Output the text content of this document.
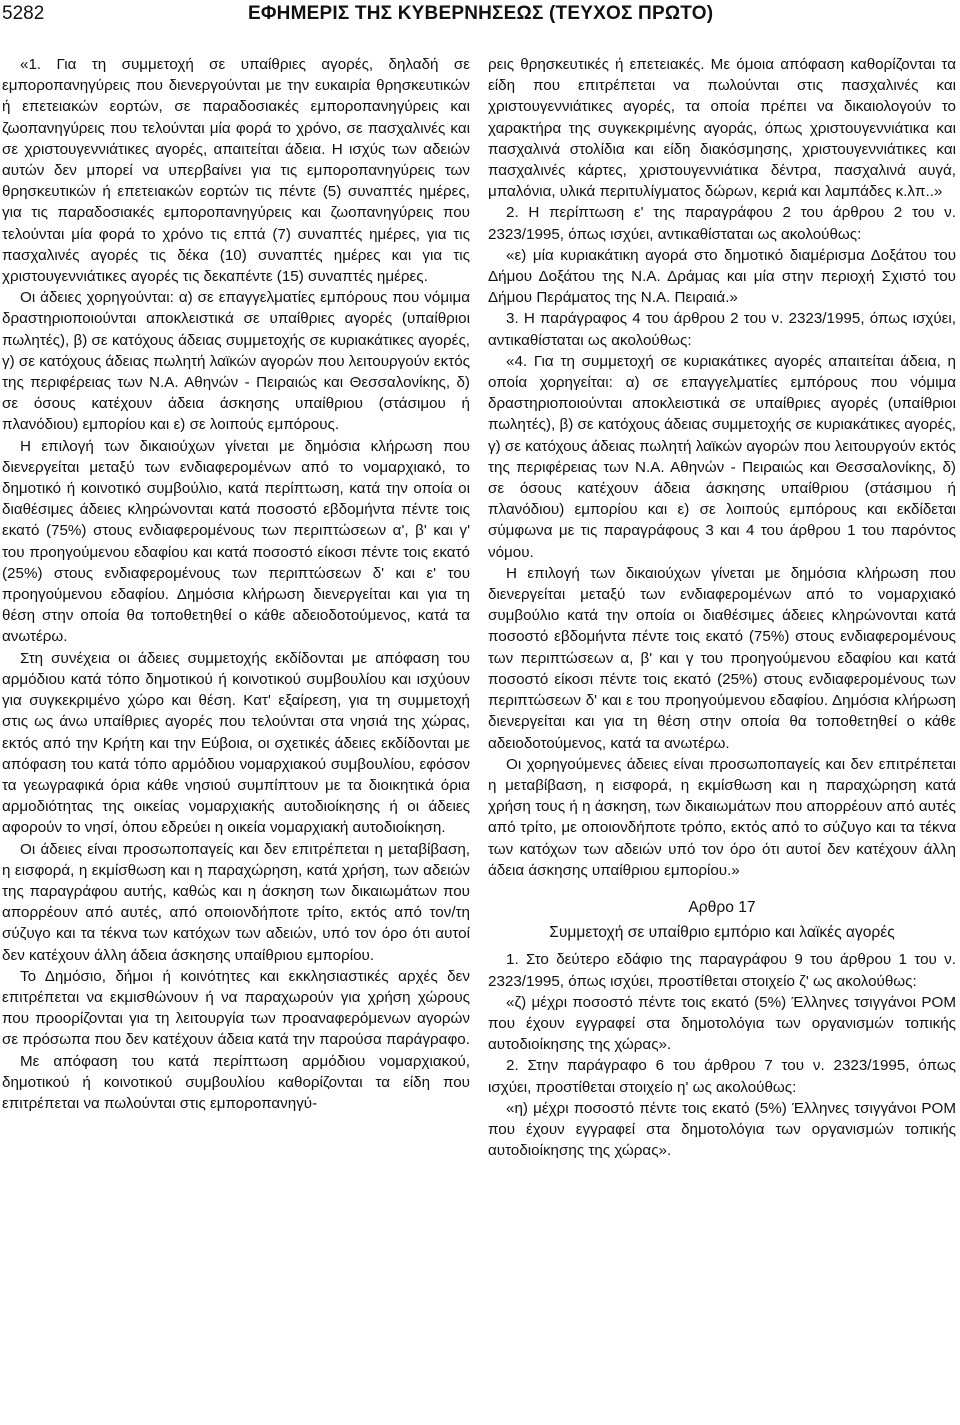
5282	ΕΦΗΜΕΡΙΣ ΤΗΣ ΚΥΒΕΡΝΗΣΕΩΣ (ΤΕΥΧΟΣ ΠΡΩΤΟ)

«1. Για τη συμμετοχή σε υπαίθριες αγορές, δηλαδή σε εμποροπανηγύρεις που διενεργούνται με την ευκαιρία θρησκευτικών ή επετειακών εορτών, σε παραδοσιακές εμποροπανηγύρεις και ζωοπανηγύρεις που τελούνται μία φορά το χρόνο, σε πασχαλινές και σε χριστουγεννιάτικες αγορές, απαιτείται άδεια. Η ισχύς των αδειών αυτών δεν μπορεί να υπερβαίνει για τις εμποροπανηγύρεις των θρησκευτικών ή επετειακών εορτών τις πέντε (5) συναπτές ημέρες, για τις παραδοσιακές εμποροπανηγύρεις και ζωοπανηγύρεις που τελούνται μία φορά το χρόνο τις επτά (7) συναπτές ημέρες, για τις πασχαλινές αγορές τις δέκα (10) συναπτές ημέρες και για τις χριστουγεννιάτικες αγορές τις δεκαπέντε (15) συναπτές ημέρες.

Οι άδειες χορηγούνται: α) σε επαγγελματίες εμπόρους που νόμιμα δραστηριοποιούνται αποκλειστικά σε υπαίθριες αγορές (υπαίθριοι πωλητές), β) σε κατόχους άδειας συμμετοχής σε κυριακάτικες αγορές, γ) σε κατόχους άδειας πωλητή λαϊκών αγορών που λειτουργούν εκτός της περιφέρειας των Ν.Α. Αθηνών - Πειραιώς και Θεσσαλονίκης, δ) σε όσους κατέχουν άδεια άσκησης υπαίθριου (στάσιμου ή πλανόδιου) εμπορίου και ε) σε λοιπούς εμπόρους.

Η επιλογή των δικαιούχων γίνεται με δημόσια κλήρωση που διενεργείται μεταξύ των ενδιαφερομένων από το νομαρχιακό, το δημοτικό ή κοινοτικό συμβούλιο, κατά περίπτωση, κατά την οποία οι διαθέσιμες άδειες κληρώνονται κατά ποσοστό εβδομήντα πέντε τοις εκατό (75%) στους ενδιαφερομένους των περιπτώσεων α', β' και γ' του προηγούμενου εδαφίου και κατά ποσοστό είκοσι πέντε τοις εκατό (25%) στους ενδιαφερομένους των περιπτώσεων δ' και ε' του προηγούμενου εδαφίου. Δημόσια κλήρωση διενεργείται και για τη θέση στην οποία θα τοποθετηθεί ο κάθε αδειοδοτούμενος, κατά τα ανωτέρω.

Στη συνέχεια οι άδειες συμμετοχής εκδίδονται με απόφαση του αρμόδιου κατά τόπο δημοτικού ή κοινοτικού συμβουλίου και ισχύουν για συγκεκριμένο χώρο και θέση. Κατ' εξαίρεση, για τη συμμετοχή στις ως άνω υπαίθριες αγορές που τελούνται στα νησιά της χώρας, εκτός από την Κρήτη και την Εύβοια, οι σχετικές άδειες εκδίδονται με απόφαση του κατά τόπο αρμόδιου νομαρχιακού συμβουλίου, εφόσον τα γεωγραφικά όρια κάθε νησιού συμπίπτουν με τα διοικητικά όρια αρμοδιότητας της οικείας νομαρχιακής αυτοδιοίκησης ή οι άδειες αφορούν το νησί, όπου εδρεύει η οικεία νομαρχιακή αυτοδιοίκηση.

Οι άδειες είναι προσωποπαγείς και δεν επιτρέπεται η μεταβίβαση, η εισφορά, η εκμίσθωση και η παραχώρηση, κατά χρήση, των αδειών της παραγράφου αυτής, καθώς και η άσκηση των δικαιωμάτων που απορρέουν από αυτές, από οποιονδήποτε τρίτο, εκτός από τον/τη σύζυγο και τα τέκνα των κατόχων των αδειών, υπό τον όρο ότι αυτοί δεν κατέχουν άλλη άδεια άσκησης υπαίθριου εμπορίου.

Το Δημόσιο, δήμοι ή κοινότητες και εκκλησιαστικές αρχές δεν επιτρέπεται να εκμισθώνουν ή να παραχωρούν για χρήση χώρους που προορίζονται για τη λειτουργία των προαναφερόμενων αγορών σε πρόσωπα που δεν κατέχουν άδεια κατά την παρούσα παράγραφο.

Με απόφαση του κατά περίπτωση αρμόδιου νομαρχιακού, δημοτικού ή κοινοτικού συμβουλίου καθορίζονται τα είδη που επιτρέπεται να πωλούνται στις εμποροπανηγύ-

ρεις θρησκευτικές ή επετειακές. Με όμοια απόφαση καθορίζονται τα είδη που επιτρέπεται να πωλούνται στις πασχαλινές και χριστουγεννιάτικες αγορές, τα οποία πρέπει να δικαιολογούν το χαρακτήρα της συγκεκριμένης αγοράς, όπως χριστουγεννιάτικα και πασχαλινά στολίδια και είδη διακόσμησης, χριστουγεννιάτικες και πασχαλινές κάρτες, χριστουγεννιάτικα δέντρα, πασχαλινά αυγά, μπαλόνια, υλικά περιτυλίγματος δώρων, κεριά και λαμπάδες κ.λπ..»

2. Η περίπτωση ε' της παραγράφου 2 του άρθρου 2 του ν. 2323/1995, όπως ισχύει, αντικαθίσταται ως ακολούθως:

«ε) μία κυριακάτικη αγορά στο δημοτικό διαμέρισμα Δοξάτου του Δήμου Δοξάτου της Ν.Α. Δράμας και μία στην περιοχή Σχιστό του Δήμου Περάματος της Ν.Α. Πειραιά.»

3. Η παράγραφος 4 του άρθρου 2 του ν. 2323/1995, όπως ισχύει, αντικαθίσταται ως ακολούθως:

«4. Για τη συμμετοχή σε κυριακάτικες αγορές απαιτείται άδεια, η οποία χορηγείται: α) σε επαγγελματίες εμπόρους που νόμιμα δραστηριοποιούνται αποκλειστικά σε υπαίθριες αγορές (υπαίθριοι πωλητές), β) σε κατόχους άδειας συμμετοχής σε κυριακάτικες αγορές, γ) σε κατόχους άδειας πωλητή λαϊκών αγορών που λειτουργούν εκτός της περιφέρειας των Ν.Α. Αθηνών - Πειραιώς και Θεσσαλονίκης, δ) σε όσους κατέχουν άδεια άσκησης υπαίθριου (στάσιμου ή πλανόδιου) εμπορίου και ε) σε λοιπούς εμπόρους και εκδίδεται σύμφωνα με τις παραγράφους 3 και 4 του άρθρου 1 του παρόντος νόμου.

Η επιλογή των δικαιούχων γίνεται με δημόσια κλήρωση που διενεργείται μεταξύ των ενδιαφερομένων από το νομαρχιακό συμβούλιο κατά την οποία οι διαθέσιμες άδειες κληρώνονται κατά ποσοστό εβδομήντα πέντε τοις εκατό (75%) στους ενδιαφερομένους των περιπτώσεων α, β' και γ του προηγούμενου εδαφίου και κατά ποσοστό είκοσι πέντε τοις εκατό (25%) στους ενδιαφερομένους των περιπτώσεων δ' και ε του προηγούμενου εδαφίου. Δημόσια κλήρωση διενεργείται και για τη θέση στην οποία θα τοποθετηθεί ο κάθε αδειοδοτούμενος, κατά τα ανωτέρω.

Οι χορηγούμενες άδειες είναι προσωποπαγείς και δεν επιτρέπεται η μεταβίβαση, η εισφορά, η εκμίσθωση και η παραχώρηση κατά χρήση τους ή η άσκηση, των δικαιωμάτων που απορρέουν από αυτές από τρίτο, με οποιονδήποτε τρόπο, εκτός από το σύζυγο και τα τέκνα των κατόχων των αδειών υπό τον όρο ότι αυτοί δεν κατέχουν άλλη άδεια άσκησης υπαίθριου εμπορίου.»

Αρθρο 17

Συμμετοχή σε υπαίθριο εμπόριο και λαϊκές αγορές

1. Στο δεύτερο εδάφιο της παραγράφου 9 του άρθρου 1 του ν. 2323/1995, όπως ισχύει, προστίθεται στοιχείο ζ' ως ακολούθως:

«ζ) μέχρι ποσοστό πέντε τοις εκατό (5%) Έλληνες τσιγγάνοι ΡΟΜ που έχουν εγγραφεί στα δημοτολόγια των οργανισμών τοπικής αυτοδιοίκησης της χώρας».

2. Στην παράγραφο 6 του άρθρου 7 του ν. 2323/1995, όπως ισχύει, προστίθεται στοιχείο η' ως ακολούθως:

«η) μέχρι ποσοστό πέντε τοις εκατό (5%) Έλληνες τσιγγάνοι ΡΟΜ που έχουν εγγραφεί στα δημοτολόγια των οργανισμών τοπικής αυτοδιοίκησης της χώρας».
